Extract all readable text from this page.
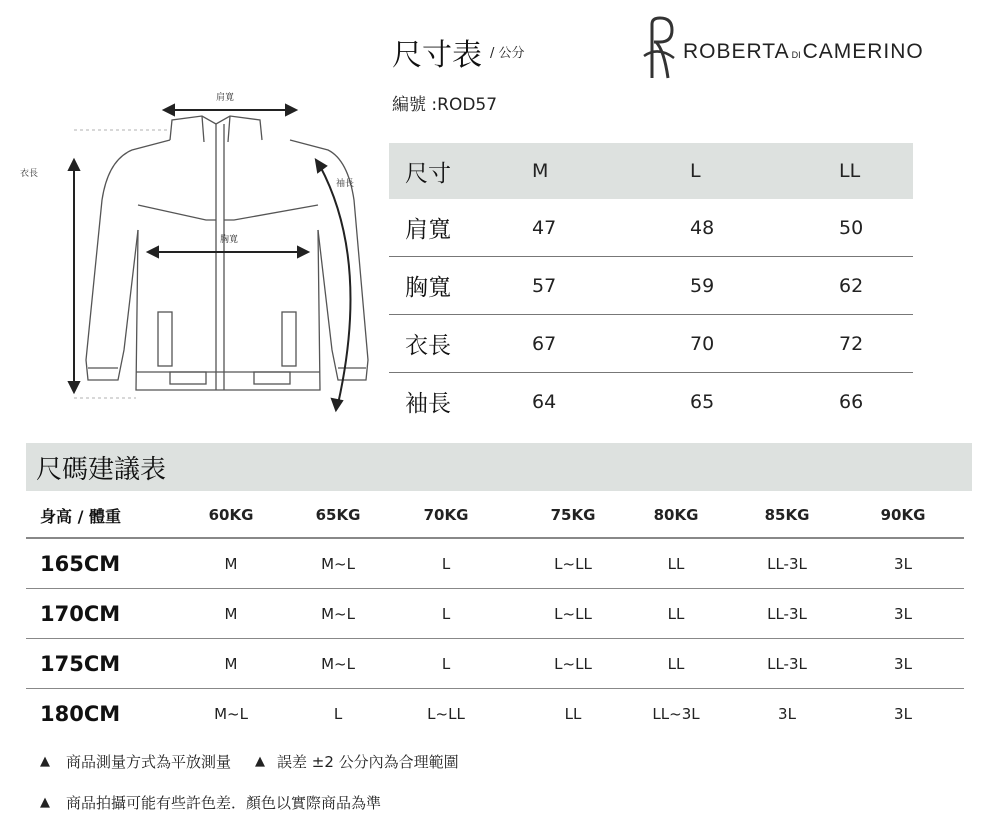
尺寸表 / 公分
編號 :ROD57
ROBERTA DICAMERINO
肩寬
胸寬
衣長
袖長 尺寸	M	L	LL
肩寬	47	48	50
胸寬	57	59	62
衣長	67	70	72
袖長	64	65	66
尺碼建議表
身高 / 體重	60KG	65KG	70KG	75KG	80KG	85KG	90KG
165CM	M	M~L	L	L~LL	LL	LL-3L	3L
170CM	M	M~L	L	L~LL	LL	LL-3L	3L
175CM	M	M~L	L	L~LL	LL	LL-3L	3L
180CM	M~L	L	L~LL	LL	LL~3L	3L	3L
▲ 商品測量方式為平放測量 ▲ 誤差 ±2 公分內為合理範圍
▲ 商品拍攝可能有些許色差．顏色以實際商品為準
